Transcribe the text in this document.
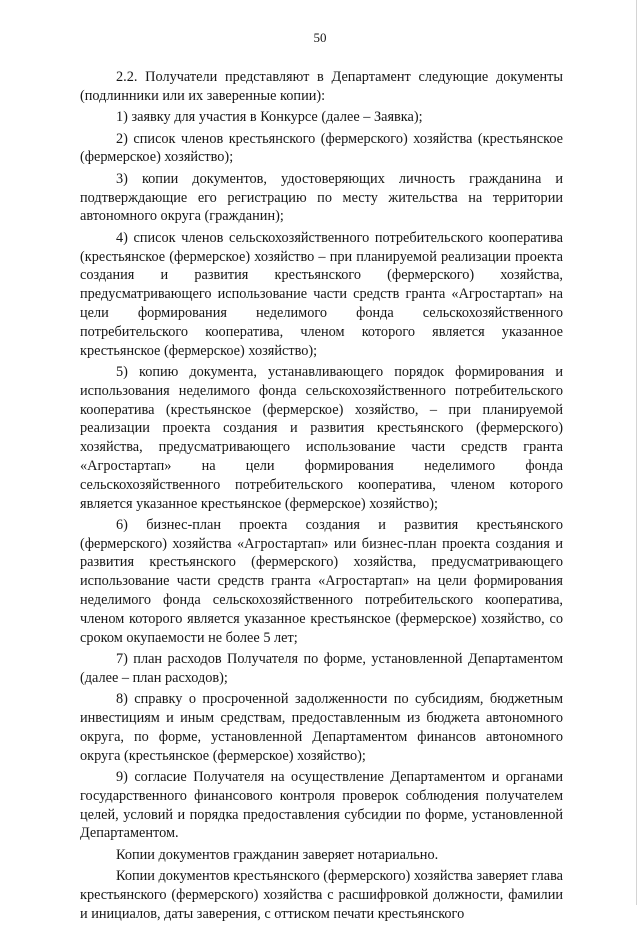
50

2.2. Получатели представляют в Департамент следующие документы (подлинники или их заверенные копии):

1) заявку для участия в Конкурсе (далее – Заявка);

2) список членов крестьянского (фермерского) хозяйства (крестьянское (фермерское) хозяйство);

3) копии документов, удостоверяющих личность гражданина и подтверждающие его регистрацию по месту жительства на территории автономного округа (гражданин);

4) список членов сельскохозяйственного потребительского кооператива (крестьянское (фермерское) хозяйство – при планируемой реализации проекта создания и развития крестьянского (фермерского) хозяйства, предусматривающего использование части средств гранта «Агростартап» на цели формирования неделимого фонда сельскохозяйственного потребительского кооператива, членом которого является указанное крестьянское (фермерское) хозяйство);

5) копию документа, устанавливающего порядок формирования и использования неделимого фонда сельскохозяйственного потребительского кооператива (крестьянское (фермерское) хозяйство, – при планируемой реализации проекта создания и развития крестьянского (фермерского) хозяйства, предусматривающего использование части средств гранта «Агростартап» на цели формирования неделимого фонда сельскохозяйственного потребительского кооператива, членом которого является указанное крестьянское (фермерское) хозяйство);

6) бизнес-план проекта создания и развития крестьянского (фермерского) хозяйства «Агростартап» или бизнес-план проекта создания и развития крестьянского (фермерского) хозяйства, предусматривающего использование части средств гранта «Агростартап» на цели формирования неделимого фонда сельскохозяйственного потребительского кооператива, членом которого является указанное крестьянское (фермерское) хозяйство, со сроком окупаемости не более 5 лет;

7) план расходов Получателя по форме, установленной Департаментом (далее – план расходов);

8) справку о просроченной задолженности по субсидиям, бюджетным инвестициям и иным средствам, предоставленным из бюджета автономного округа, по форме, установленной Департаментом финансов автономного округа (крестьянское (фермерское) хозяйство);

9) согласие Получателя на осуществление Департаментом и органами государственного финансового контроля проверок соблюдения получателем целей, условий и порядка предоставления субсидии по форме, установленной Департаментом.

Копии документов гражданин заверяет нотариально.

Копии документов крестьянского (фермерского) хозяйства заверяет глава крестьянского (фермерского) хозяйства с расшифровкой должности, фамилии и инициалов, даты заверения, с оттиском печати крестьянского
